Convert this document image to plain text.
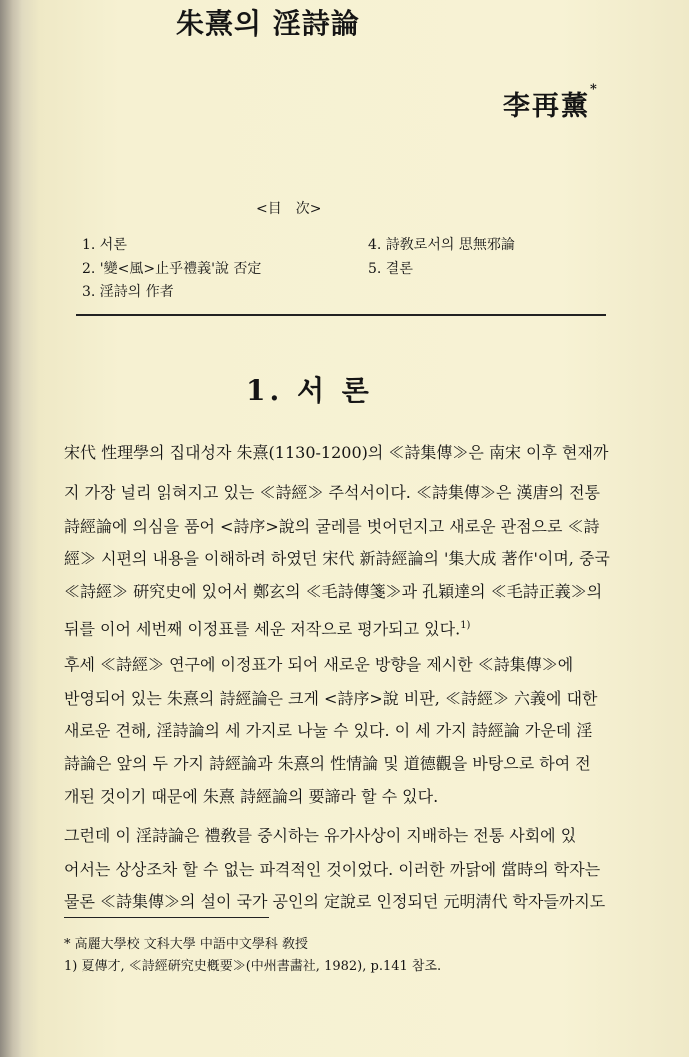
朱熹의 淫詩論
李再薰*
<目　次>
1. 서론
2. '變<風>止乎禮義'說 否定
3. 淫詩의 作者
4. 詩敎로서의 思無邪論
5. 결론
1. 서 론
宋代 性理學의 집대성자 朱熹(1130-1200)의 ≪詩集傳≫은 南宋 이후 현재까
지 가장 널리 읽혀지고 있는 ≪詩經≫ 주석서이다. ≪詩集傳≫은 漢唐의 전통
詩經論에 의심을 품어 <詩序>說의 굴레를 벗어던지고 새로운 관점으로 ≪詩
經≫ 시편의 내용을 이해하려 하였던 宋代 新詩經論의 '集大成 著作'이며, 중국
≪詩經≫ 硏究史에 있어서 鄭玄의 ≪毛詩傳箋≫과 孔穎達의 ≪毛詩正義≫의
뒤를 이어 세번째 이정표를 세운 저작으로 평가되고 있다.$^{1)}$
후세 ≪詩經≫ 연구에 이정표가 되어 새로운 방향을 제시한 ≪詩集傳≫에
반영되어 있는 朱熹의 詩經論은 크게 <詩序>說 비판, ≪詩經≫ 六義에 대한
새로운 견해, 淫詩論의 세 가지로 나눌 수 있다. 이 세 가지 詩經論 가운데 淫
詩論은 앞의 두 가지 詩經論과 朱熹의 性情論 및 道德觀을 바탕으로 하여 전
개된 것이기 때문에 朱熹 詩經論의 要諦라 할 수 있다.
그런데 이 淫詩論은 禮敎를 중시하는 유가사상이 지배하는 전통 사회에 있
어서는 상상조차 할 수 없는 파격적인 것이었다. 이러한 까닭에 當時의 학자는
물론 ≪詩集傳≫의 설이 국가 공인의 定說로 인정되던 元明淸代 학자들까지도
* 高麗大學校 文科大學 中語中文學科 敎授
1) 夏傳才, ≪詩經硏究史槪要≫(中州書畵社, 1982), p.141 참조.
